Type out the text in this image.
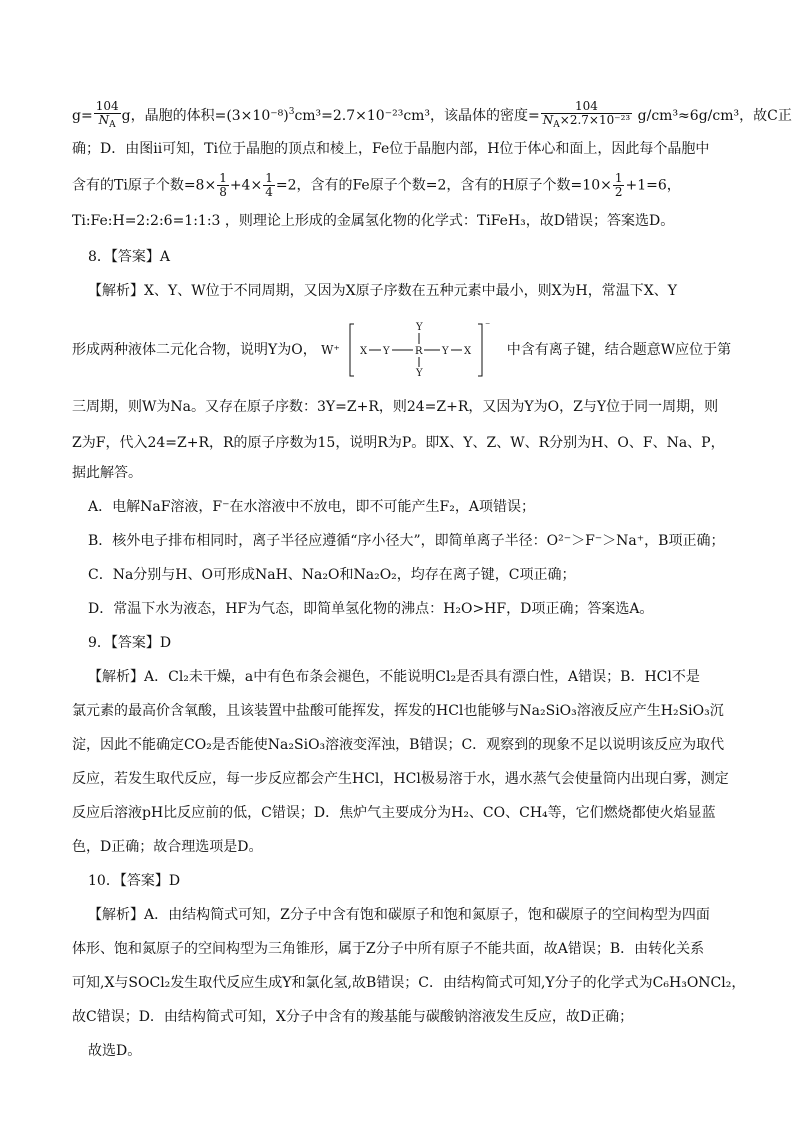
$g= \frac{104}{N_A}$ g，晶胞的体积$=(3\times 10^{-8})^3cm^3=2.7\times 10^{-23}cm^3$，该晶体的密度= $\frac{104}{N_A\times 2.7\times 10^{-23}} g/cm^3\approx 6g/cm^3$，故C正
确；D．由图ii可知，Ti位于晶胞的顶点和棱上，Fe位于晶胞内部，H位于体心和面上，因此每个晶胞中
含有的Ti原子个数$=8\times \frac{1}{8} +4\times \frac{1}{4} =2$，含有的Fe原子个数=2，含有的H原子个数$=10\times \frac{1}{2} +1=6$，
Ti:Fe:H=2:2:6=1:1:3 ，则理论上形成的金属氢化物的化学式：TiFeH₃，故D错误；答案选D。
8．【答案】A
【解析】X、Y、W位于不同周期，又因为X原子序数在五种元素中最小，则X为H，常温下X、Y
形成两种液体二元化合物，说明Y为O， W⁺
Y
X Y	R Y X
Y
⁻
中含有离子键，结合题意W应位于第
三周期，则W为Na。又存在原子序数：3Y=Z+R，则24=Z+R，又因为Y为O，Z与Y位于同一周期，则
Z为F，代入24=Z+R，R的原子序数为15，说明R为P。即X、Y、Z、W、R分别为H、O、F、Na、P，
据此解答。
A．电解NaF溶液，F⁻在水溶液中不放电，即不可能产生F₂，A项错误；
B．核外电子排布相同时，离子半径应遵循“序小径大”，即简单离子半径：O²⁻＞F⁻＞Na⁺，B项正确；
C．Na分别与H、O可形成NaH、Na₂O和Na₂O₂，均存在离子键，C项正确；
D．常温下水为液态，HF为气态，即简单氢化物的沸点：H₂O>HF，D项正确；答案选A。
9．【答案】D
【解析】A．Cl₂未干燥，a中有色布条会褪色，不能说明Cl₂是否具有漂白性，A错误；B．HCl不是
氯元素的最高价含氧酸，且该装置中盐酸可能挥发，挥发的HCl也能够与Na₂SiO₃溶液反应产生H₂SiO₃沉
淀，因此不能确定CO₂是否能使Na₂SiO₃溶液变浑浊，B错误；C．观察到的现象不足以说明该反应为取代
反应，若发生取代反应，每一步反应都会产生HCl，HCl极易溶于水，遇水蒸气会使量筒内出现白雾，测定
反应后溶液pH比反应前的低，C错误；D．焦炉气主要成分为H₂、CO、CH₄等，它们燃烧都使火焰显蓝
色，D正确；故合理选项是D。
10．【答案】D
【解析】A．由结构简式可知，Z分子中含有饱和碳原子和饱和氮原子，饱和碳原子的空间构型为四面
体形、饱和氮原子的空间构型为三角锥形，属于Z分子中所有原子不能共面，故A错误；B．由转化关系
可知,X与SOCl₂发生取代反应生成Y和氯化氢,故B错误；C．由结构简式可知,Y分子的化学式为C₆H₃ONCl₂，
故C错误；D．由结构简式可知，X分子中含有的羧基能与碳酸钠溶液发生反应，故D正确；
故选D。
